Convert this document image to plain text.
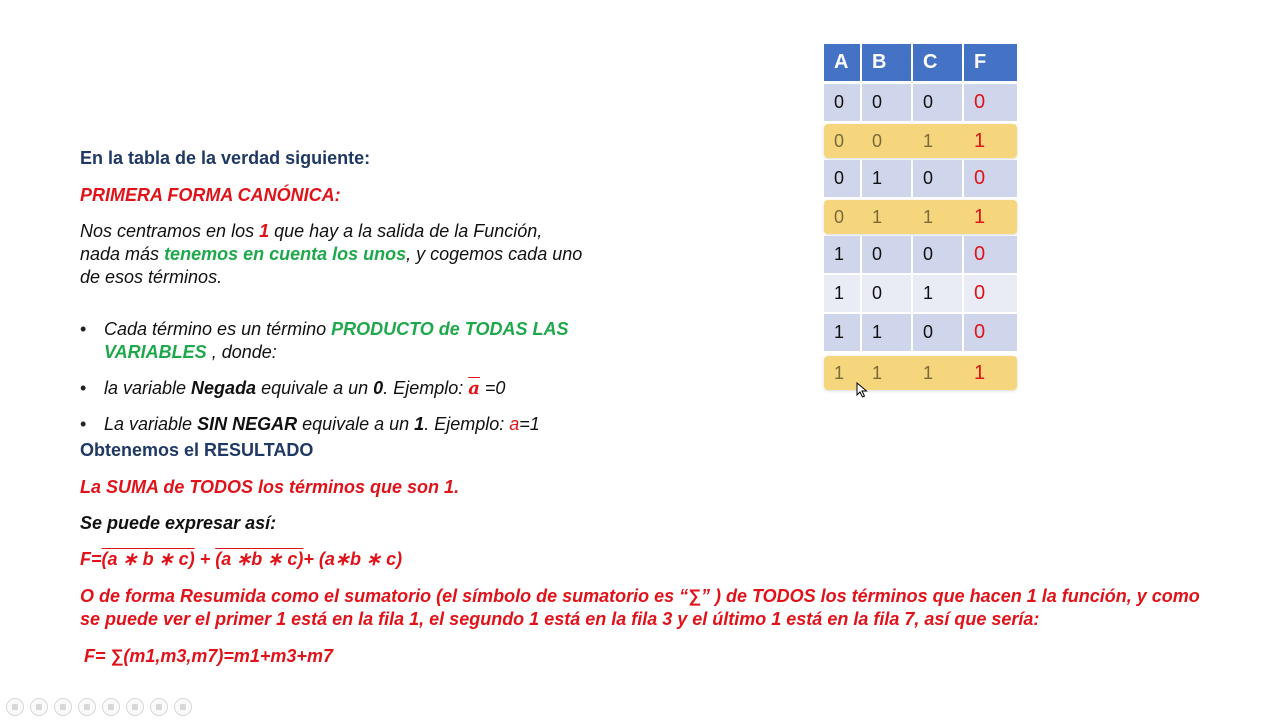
En la tabla de la verdad siguiente:
PRIMERA FORMA CANÓNICA:
Nos centramos en los 1 que hay a la salida de la Función,
nada más tenemos en cuenta los unos, y cogemos cada uno
de esos términos.
• Cada término es un término PRODUCTO de TODAS LAS
VARIABLES , donde:
• la variable Negada equivale a un 0. Ejemplo: $\overline{a} =0$
• La variable SIN NEGAR equivale a un 1. Ejemplo: a=1
Obtenemos el RESULTADO
La SUMA de TODOS los términos que son 1.
Se puede expresar así:
F=(a ∗ b ∗ c) + (a ∗b ∗ c)+ (a∗b ∗ c)
O de forma Resumida como el sumatorio (el símbolo de sumatorio es “∑” ) de TODOS los términos que hacen 1 la función, y como
se puede ver el primer 1 está en la fila 1, el segundo 1 está en la fila 3 y el último 1 está en la fila 7, así que sería:
F= ∑(m1,m3,m7)=m1+m3+m7
A	B	C	F
0	0	0	0
0	0	1	1
0	1	0	0
0	1	1	1
1	0	0	0
1	0	1	0
1	1	0	0
1	1	1	1
